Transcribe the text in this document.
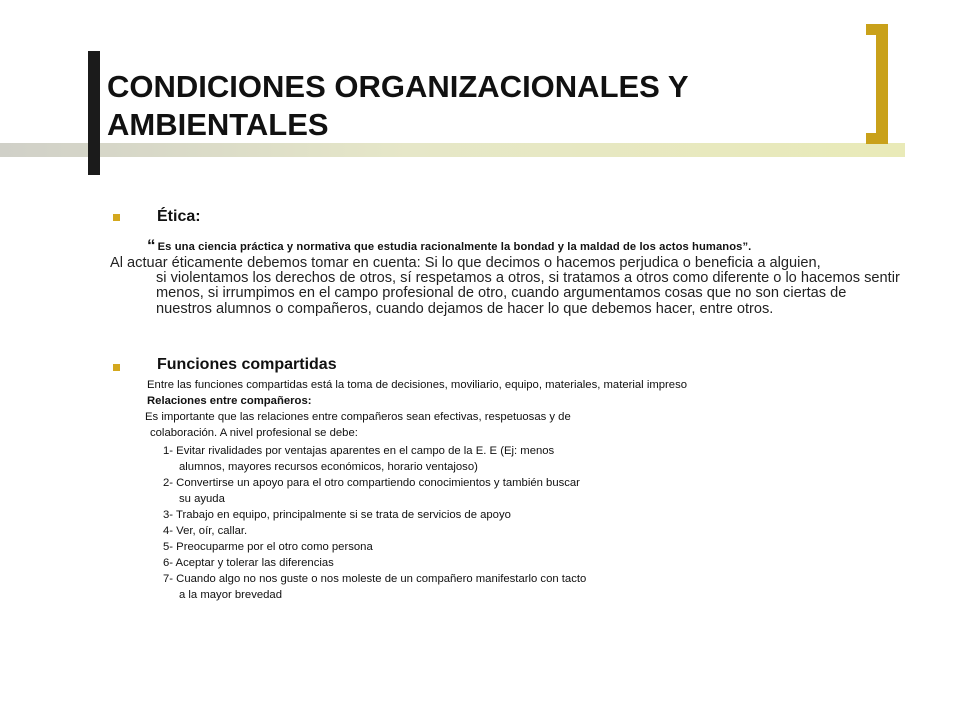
CONDICIONES ORGANIZACIONALES Y AMBIENTALES
Ética:
“ Es una ciencia práctica y normativa que estudia racionalmente la bondad y la maldad de los actos humanos”.
Al actuar éticamente debemos tomar en cuenta: Si lo que decimos o hacemos perjudica o beneficia a alguien,
si violentamos los derechos de otros, sí respetamos a otros, si tratamos a otros como diferente o lo hacemos sentir menos, si irrumpimos en el campo profesional de otro, cuando argumentamos cosas que no son ciertas de nuestros alumnos o compañeros, cuando dejamos de hacer lo que debemos hacer, entre otros.
Funciones compartidas
Entre las funciones compartidas está la toma de decisiones, moviliario, equipo, materiales, material impreso
Relaciones entre compañeros:
Es importante que las relaciones entre compañeros sean efectivas, respetuosas y de
colaboración. A nivel profesional se debe:
1- Evitar rivalidades por ventajas aparentes en el campo de la E. E (Ej: menos
alumnos, mayores recursos económicos, horario ventajoso)
2- Convertirse un apoyo para el otro compartiendo conocimientos y también buscar
su ayuda
3- Trabajo en equipo, principalmente si se trata de servicios de apoyo
4- Ver, oír, callar.
5- Preocuparme por el otro como persona
6- Aceptar y tolerar las diferencias
7- Cuando algo no nos guste o nos moleste de un compañero manifestarlo con tacto
a la mayor brevedad
